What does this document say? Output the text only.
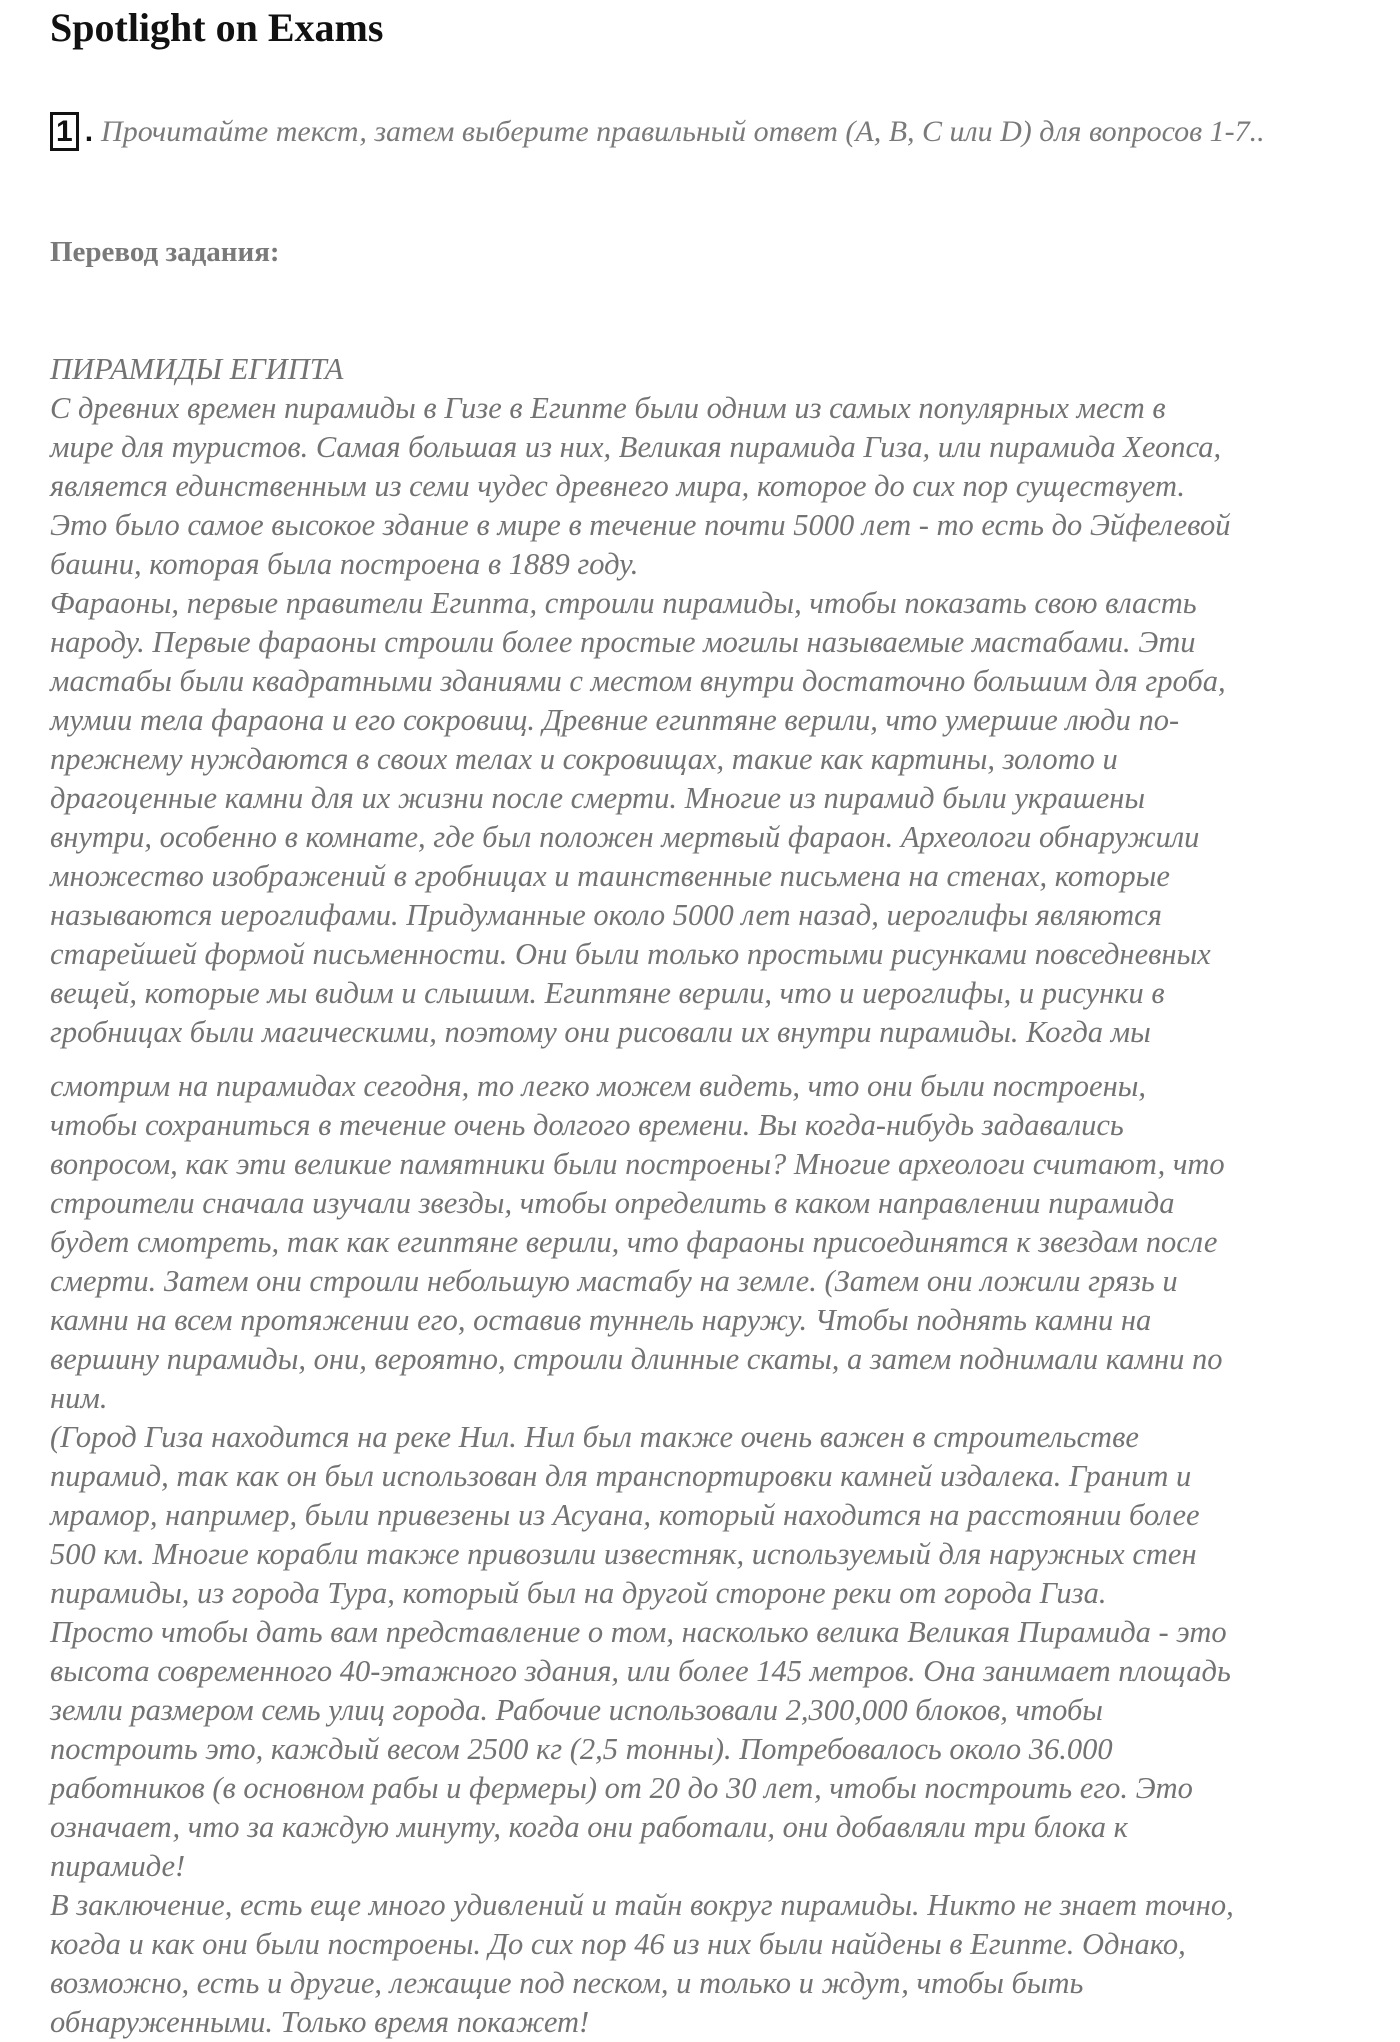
Spotlight on Exams
1 . Прочитайте текст, затем выберите правильный ответ (A, B, C или D) для вопросов 1-7..
Перевод задания:
ПИРАМИДЫ ЕГИПТА
С древних времен пирамиды в Гизе в Египте были одним из самых популярных мест в
мире для туристов. Самая большая из них, Великая пирамида Гиза, или пирамида Хеопса,
является единственным из семи чудес древнего мира, которое до сих пор существует.
Это было самое высокое здание в мире в течение почти 5000 лет - то есть до Эйфелевой
башни, которая была построена в 1889 году.
Фараоны, первые правители Египта, строили пирамиды, чтобы показать свою власть
народу. Первые фараоны строили более простые могилы называемые мастабами. Эти
мастабы были квадратными зданиями с местом внутри достаточно большим для гроба,
мумии тела фараона и его сокровищ. Древние египтяне верили, что умершие люди по-
прежнему нуждаются в своих телах и сокровищах, такие как картины, золото и
драгоценные камни для их жизни после смерти. Многие из пирамид были украшены
внутри, особенно в комнате, где был положен мертвый фараон. Археологи обнаружили
множество изображений в гробницах и таинственные письмена на стенах, которые
называются иероглифами. Придуманные около 5000 лет назад, иероглифы являются
старейшей формой письменности. Они были только простыми рисунками повседневных
вещей, которые мы видим и слышим. Египтяне верили, что и иероглифы, и рисунки в
гробницах были магическими, поэтому они рисовали их внутри пирамиды. Когда мы
смотрим на пирамидах сегодня, то легко можем видеть, что они были построены,
чтобы сохраниться в течение очень долгого времени. Вы когда-нибудь задавались
вопросом, как эти великие памятники были построены? Многие археологи считают, что
строители сначала изучали звезды, чтобы определить в каком направлении пирамида
будет смотреть, так как египтяне верили, что фараоны присоединятся к звездам после
смерти. Затем они строили небольшую мастабу на земле. (Затем они ложили грязь и
камни на всем протяжении его, оставив туннель наружу. Чтобы поднять камни на
вершину пирамиды, они, вероятно, строили длинные скаты, а затем поднимали камни по
ним.
(Город Гиза находится на реке Нил. Нил был также очень важен в строительстве
пирамид, так как он был использован для транспортировки камней издалека. Гранит и
мрамор, например, были привезены из Асуана, который находится на расстоянии более
500 км. Многие корабли также привозили известняк, используемый для наружных стен
пирамиды, из города Тура, который был на другой стороне реки от города Гиза.
Просто чтобы дать вам представление о том, насколько велика Великая Пирамида - это
высота современного 40-этажного здания, или более 145 метров. Она занимает площадь
земли размером семь улиц города. Рабочие использовали 2,300,000 блоков, чтобы
построить это, каждый весом 2500 кг (2,5 тонны). Потребовалось около 36.000
работников (в основном рабы и фермеры) от 20 до 30 лет, чтобы построить его. Это
означает, что за каждую минуту, когда они работали, они добавляли три блока к
пирамиде!
В заключение, есть еще много удивлений и тайн вокруг пирамиды. Никто не знает точно,
когда и как они были построены. До сих пор 46 из них были найдены в Египте. Однако,
возможно, есть и другие, лежащие под песком, и только и ждут, чтобы быть
обнаруженными. Только время покажет!
